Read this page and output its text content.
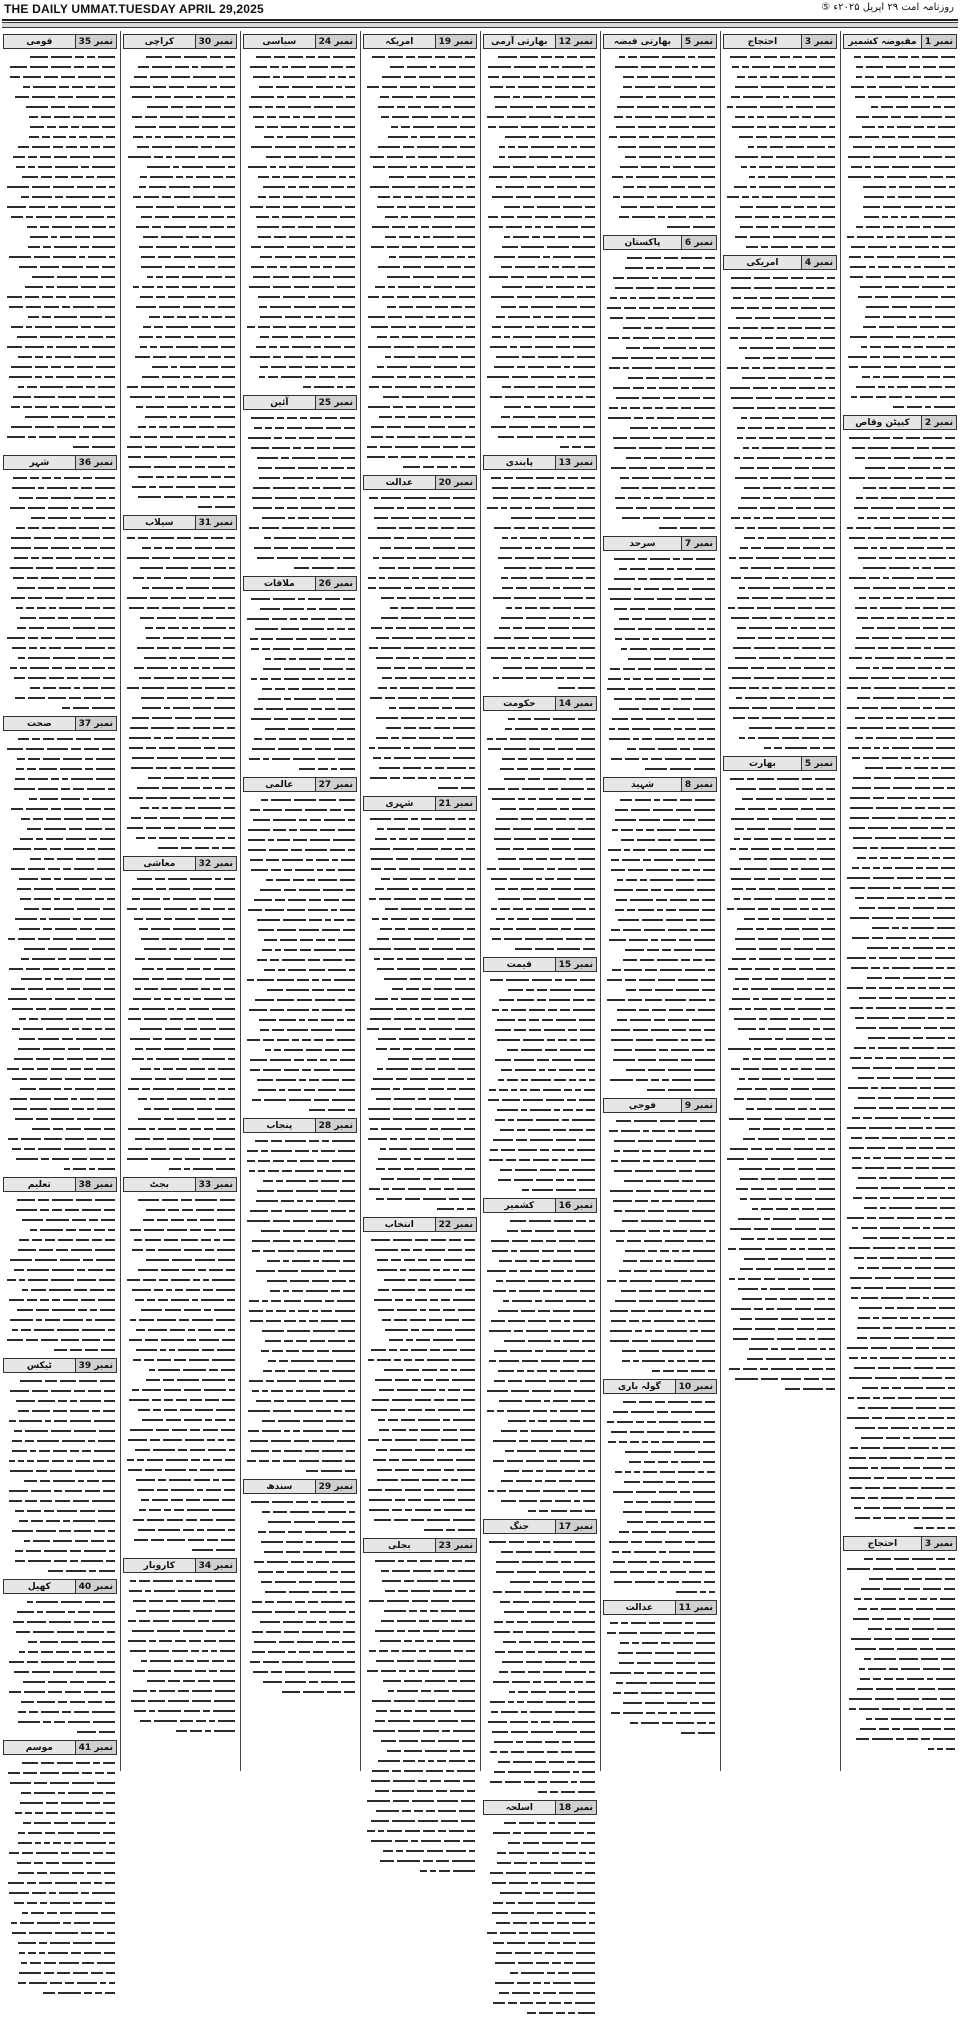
THE DAILY UMMAT.TUESDAY APRIL 29,2025	روزنامہ امت ۲۹ اپریل ۲۰۲۵ء ⑤
نمبر 1
مقبوضہ کشمیر
نمبر 2
کیپٹن وقاص
نمبر 3
احتجاج
نمبر 3
احتجاج
نمبر 4
امریکی
نمبر 5
بھارت
نمبر 5
بھارتی قبضہ
نمبر 6
پاکستان
نمبر 7
سرحد
نمبر 8
شہید
نمبر 9
فوجی
نمبر 10
گولہ باری
نمبر 11
عدالت
نمبر 12
بھارتی آرمی
نمبر 13
پابندی
نمبر 14
حکومت
نمبر 15
قیمت
نمبر 16
کشمیر
نمبر 17
جنگ
نمبر 18
اسلحہ
نمبر 19
امریکہ
نمبر 20
عدالت
نمبر 21
شہری
نمبر 22
انتخاب
نمبر 23
بجلی
نمبر 24
سیاسی
نمبر 25
آئین
نمبر 26
ملاقات
نمبر 27
عالمی
نمبر 28
پنجاب
نمبر 29
سندھ
نمبر 30
کراچی
نمبر 31
سیلاب
نمبر 32
معاشی
نمبر 33
بجٹ
نمبر 34
کاروبار
نمبر 35
قومی
نمبر 36
شہر
نمبر 37
صحت
نمبر 38
تعلیم
نمبر 39
ٹیکس
نمبر 40
کھیل
نمبر 41
موسم
